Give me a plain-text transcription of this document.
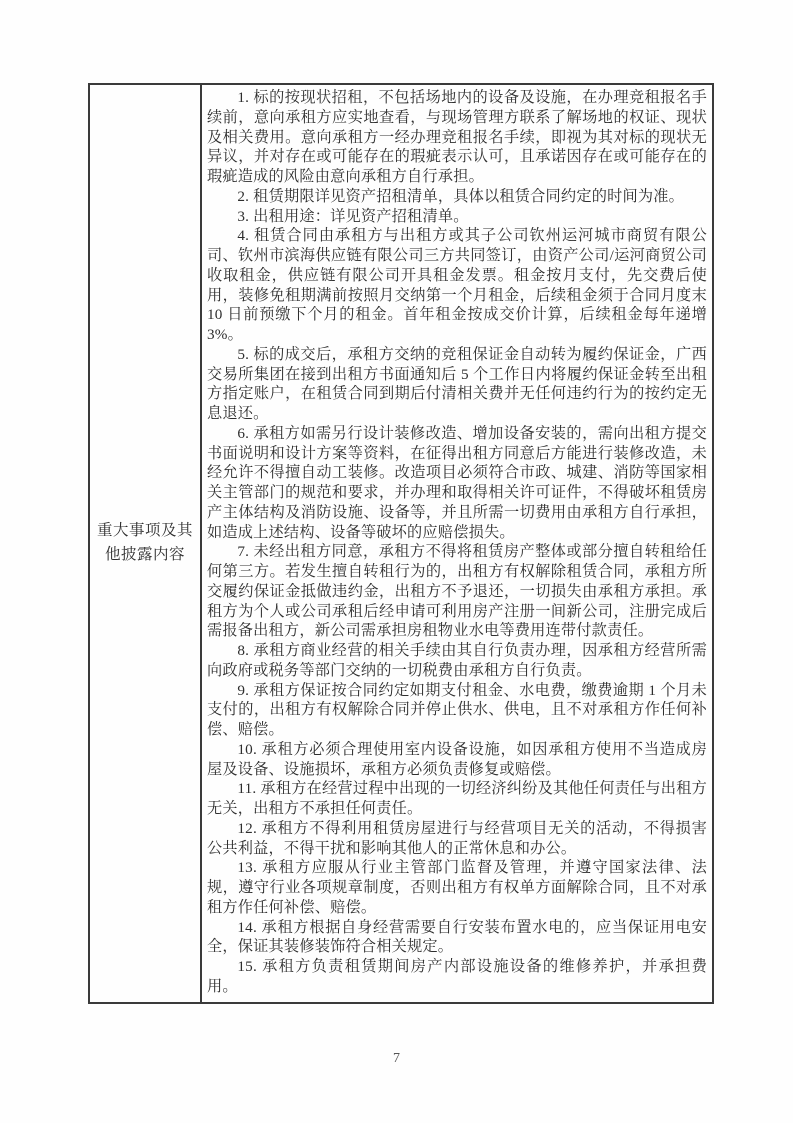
重大事项及其他披露内容

1. 标的按现状招租，不包括场地内的设备及设施，在办理竞租报名手续前，意向承租方应实地查看，与现场管理方联系了解场地的权证、现状及相关费用。意向承租方一经办理竞租报名手续，即视为其对标的现状无异议，并对存在或可能存在的瑕疵表示认可，且承诺因存在或可能存在的瑕疵造成的风险由意向承租方自行承担。

2. 租赁期限详见资产招租清单，具体以租赁合同约定的时间为准。

3. 出租用途：详见资产招租清单。

4. 租赁合同由承租方与出租方或其子公司钦州运河城市商贸有限公司、钦州市滨海供应链有限公司三方共同签订，由资产公司/运河商贸公司收取租金，供应链有限公司开具租金发票。租金按月支付，先交费后使用，装修免租期满前按照月交纳第一个月租金，后续租金须于合同月度末 10 日前预缴下个月的租金。首年租金按成交价计算，后续租金每年递增 3%。

5. 标的成交后，承租方交纳的竞租保证金自动转为履约保证金，广西交易所集团在接到出租方书面通知后 5 个工作日内将履约保证金转至出租方指定账户，在租赁合同到期后付清相关费并无任何违约行为的按约定无息退还。

6. 承租方如需另行设计装修改造、增加设备安装的，需向出租方提交书面说明和设计方案等资料，在征得出租方同意后方能进行装修改造，未经允许不得擅自动工装修。改造项目必须符合市政、城建、消防等国家相关主管部门的规范和要求，并办理和取得相关许可证件，不得破坏租赁房产主体结构及消防设施、设备等，并且所需一切费用由承租方自行承担，如造成上述结构、设备等破坏的应赔偿损失。

7. 未经出租方同意，承租方不得将租赁房产整体或部分擅自转租给任何第三方。若发生擅自转租行为的，出租方有权解除租赁合同，承租方所交履约保证金抵做违约金，出租方不予退还，一切损失由承租方承担。承租方为个人或公司承租后经申请可利用房产注册一间新公司，注册完成后需报备出租方，新公司需承担房租物业水电等费用连带付款责任。

8. 承租方商业经营的相关手续由其自行负责办理，因承租方经营所需向政府或税务等部门交纳的一切税费由承租方自行负责。

9. 承租方保证按合同约定如期支付租金、水电费，缴费逾期 1 个月未支付的，出租方有权解除合同并停止供水、供电，且不对承租方作任何补偿、赔偿。

10. 承租方必须合理使用室内设备设施，如因承租方使用不当造成房屋及设备、设施损坏，承租方必须负责修复或赔偿。

11. 承租方在经营过程中出现的一切经济纠纷及其他任何责任与出租方无关，出租方不承担任何责任。

12. 承租方不得利用租赁房屋进行与经营项目无关的活动，不得损害公共利益，不得干扰和影响其他人的正常休息和办公。

13. 承租方应服从行业主管部门监督及管理，并遵守国家法律、法规，遵守行业各项规章制度，否则出租方有权单方面解除合同，且不对承租方作任何补偿、赔偿。

14. 承租方根据自身经营需要自行安装布置水电的，应当保证用电安全，保证其装修装饰符合相关规定。

15. 承租方负责租赁期间房产内部设施设备的维修养护，并承担费用。

7
